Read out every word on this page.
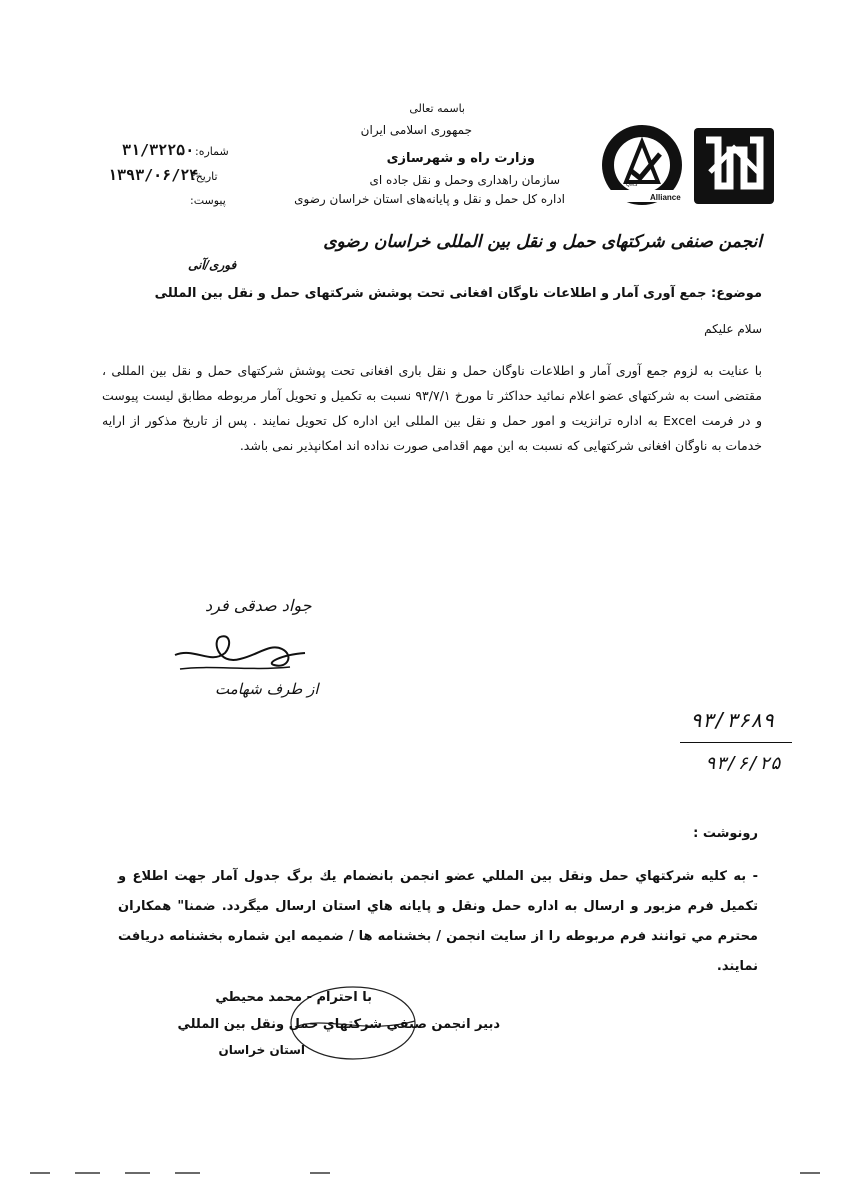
Alliance
QMS
باسمه تعالی
جمهوری اسلامی ایران
وزارت راه و شهرسازی
سازمان راهداری وحمل و نقل جاده ای
اداره کل حمل و نقل و پایانه‌های استان خراسان رضوی
شماره:
۳۱/۳۲۲۵۰
تاریخ:
۱۳۹۳/۰۶/۲۴
پیوست:
انجمن صنفی شرکتهای حمل و نقل بین المللی خراسان رضوی
فوری/آنی
موضوع: جمع آوری آمار و اطلاعات ناوگان افغانی تحت پوشش شرکتهای حمل و نقل بین المللی
سلام علیکم
با عنایت به لزوم جمع آوری آمار و اطلاعات ناوگان حمل و نقل باری افغانی تحت پوشش شرکتهای حمل و نقل بین المللی ، مقتضی است به شرکتهای عضو اعلام نمائید حداکثر تا مورخ ۹۳/۷/۱ نسبت به تکمیل و تحویل آمار مربوطه مطابق لیست پیوست و در فرمت Excel به اداره ترانزیت و امور حمل و نقل بین المللی این اداره کل تحویل نمایند . پس از تاریخ مذکور از ارایه خدمات به ناوگان افغانی شرکتهایی که نسبت به این مهم اقدامی صورت نداده اند امکانپذیر نمی باشد.
جواد صدقی فرد
از طرف شهامت
۹۳/۳۶۸۹
۹۳/۶/۲۵
رونوشت :
- به كليه شركتهاي حمل ونقل بين المللي عضو انجمن بانضمام يك برگ جدول آمار جهت اطلاع و تكميل فرم مزبور و ارسال به اداره حمل ونقل و پايانه هاي استان ارسال ميگردد. ضمنا" همكاران محترم مي توانند فرم مربوطه را از سايت انجمن / بخشنامه ها / ضميمه اين شماره بخشنامه دريافت نمايند.
با احترام - محمد محيطي
دبير انجمن صنفي شركتهاي حمل ونقل بين المللي
استان خراسان
